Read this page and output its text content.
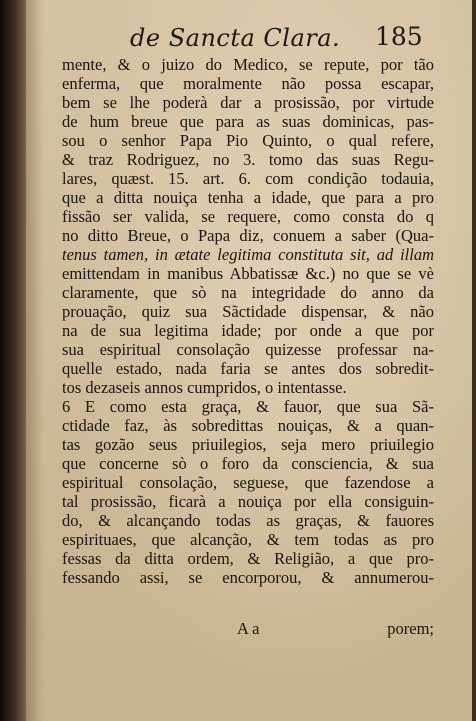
de Sancta Clara. 185
mente, & o juizo do Medico, se repute, por tão
enferma, que moralmente não possa escapar,
bem se lhe poderà dar a prosissão, por virtude
de hum breue que para as suas dominicas, pas-
sou o senhor Papa Pio Quinto, o qual refere,
& traz Rodriguez, no 3. tomo das suas Regu-
lares, quæst. 15. art. 6. com condição todauia,
que a ditta nouiça tenha a idade, que para a pro
fissão ser valida, se requere, como consta do q
no ditto Breue, o Papa diz, conuem a saber (Qua-
tenus tamen, in ætate legitima constituta sit, ad illam
emittendam in manibus Abbatissæ &c.) no que se vè
claramente, que sò na integridade do anno da
prouação, quiz sua Sãctidade dispensar, & não
na de sua legitima idade; por onde a que por
sua espiritual consolação quizesse professar na-
quelle estado, nada faria se antes dos sobredit-
tos dezaseis annos cumpridos, o intentasse.
6 E como esta graça, & fauor, que sua Sã-
ctidade faz, às sobredittas nouiças, & a quan-
tas gozão seus priuilegios, seja mero priuilegio
que concerne sò o foro da consciencia, & sua
espiritual consolação, seguese, que fazendose a
tal prosissão, ficarà a nouiça por ella consiguin-
do, & alcançando todas as graças, & fauores
espirituaes, que alcanção, & tem todas as pro
fessas da ditta ordem, & Religião, a que pro-
fessando assi, se encorporou, & annumerou-
A a	porem;
